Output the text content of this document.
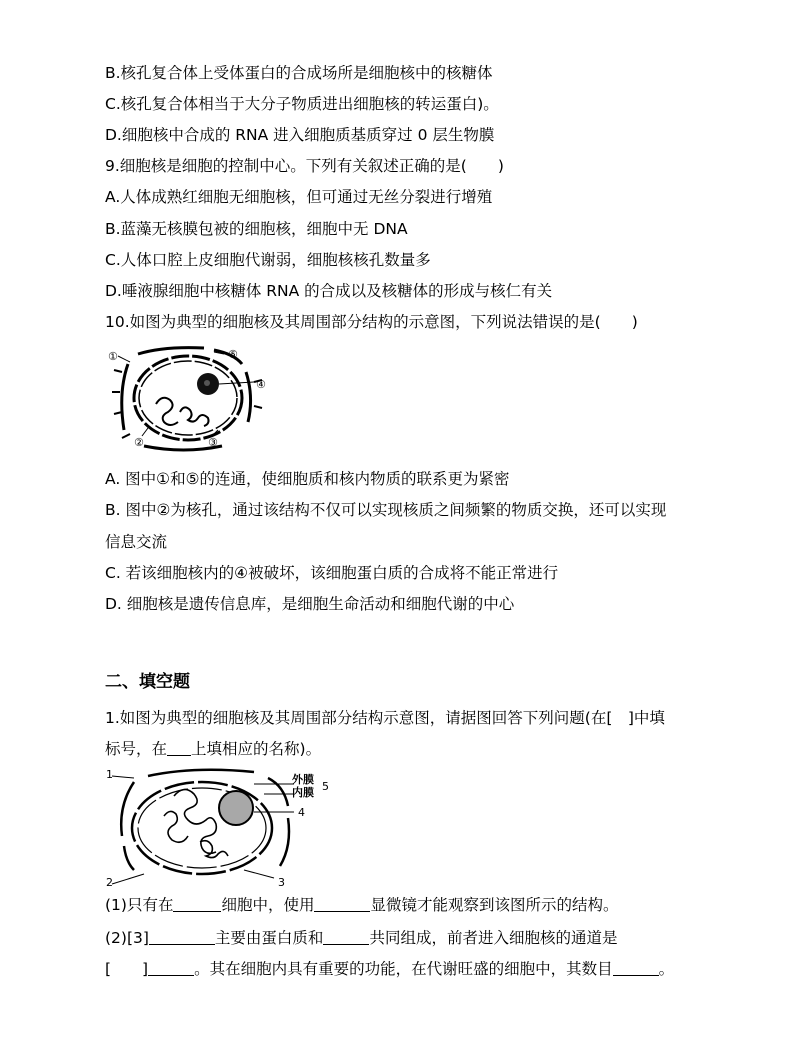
B.核孔复合体上受体蛋白的合成场所是细胞核中的核糖体
C.核孔复合体相当于大分子物质进出细胞核的转运蛋白)。
D.细胞核中合成的 RNA 进入细胞质基质穿过 0 层生物膜
9.细胞核是细胞的控制中心。下列有关叙述正确的是(　　)
A.人体成熟红细胞无细胞核，但可通过无丝分裂进行增殖
B.蓝藻无核膜包被的细胞核，细胞中无 DNA
C.人体口腔上皮细胞代谢弱，细胞核核孔数量多
D.唾液腺细胞中核糖体 RNA 的合成以及核糖体的形成与核仁有关
10.如图为典型的细胞核及其周围部分结构的示意图，下列说法错误的是(　　)
①	⑤
④
②	③
A. 图中①和⑤的连通，使细胞质和核内物质的联系更为紧密
B. 图中②为核孔，通过该结构不仅可以实现核质之间频繁的物质交换，还可以实现
信息交流
C. 若该细胞核内的④被破坏，该细胞蛋白质的合成将不能正常进行
D. 细胞核是遗传信息库，是细胞生命活动和细胞代谢的中心
二、填空题
1.如图为典型的细胞核及其周围部分结构示意图，请据图回答下列问题(在[　]中填
标号，在 上填相应的名称)。
1	外膜
内膜 5
4
2	3
(1)只有在	细胞中，使用	显微镜才能观察到该图所示的结构。
(2)[3]	主要由蛋白质和	共同组成，前者进入细胞核的通道是
[　　]	。其在细胞内具有重要的功能，在代谢旺盛的细胞中，其数目	。
